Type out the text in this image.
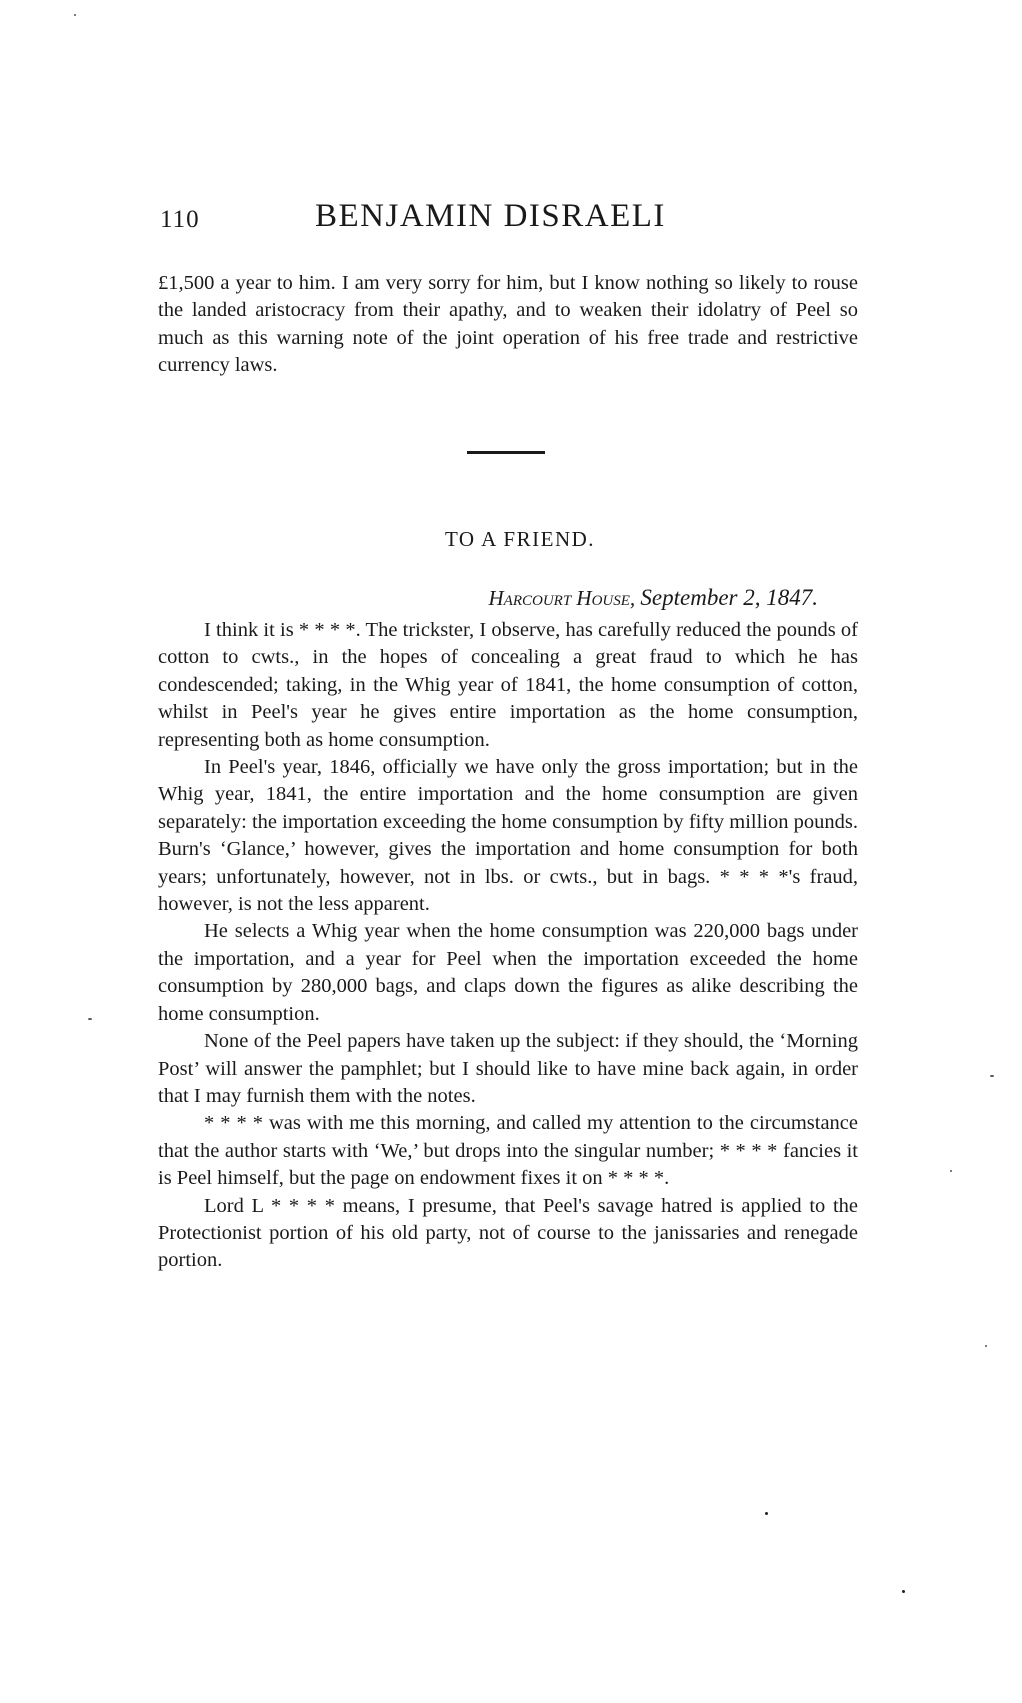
110	BENJAMIN DISRAELI

£1,500 a year to him. I am very sorry for him, but I know nothing so likely to rouse the landed aristocracy from their apathy, and to weaken their idolatry of Peel so much as this warning note of the joint operation of his free trade and restrictive currency laws.

TO A FRIEND.
Harcourt House, September 2, 1847.

I think it is * * * *. The trickster, I observe, has carefully reduced the pounds of cotton to cwts., in the hopes of concealing a great fraud to which he has condescended; taking, in the Whig year of 1841, the home consumption of cotton, whilst in Peel's year he gives entire importation as the home consumption, representing both as home consumption.

In Peel's year, 1846, officially we have only the gross importation; but in the Whig year, 1841, the entire importation and the home consumption are given separately: the importation exceeding the home consumption by fifty million pounds. Burn's ‘Glance,’ however, gives the importation and home consumption for both years; unfortunately, however, not in lbs. or cwts., but in bags. * * * *'s fraud, however, is not the less apparent.

He selects a Whig year when the home consumption was 220,000 bags under the importation, and a year for Peel when the importation exceeded the home consumption by 280,000 bags, and claps down the figures as alike describing the home consumption.

None of the Peel papers have taken up the subject: if they should, the ‘Morning Post’ will answer the pamphlet; but I should like to have mine back again, in order that I may furnish them with the notes.

* * * * was with me this morning, and called my attention to the circumstance that the author starts with ‘We,’ but drops into the singular number; * * * * fancies it is Peel himself, but the page on endowment fixes it on * * * *.

Lord L * * * * means, I presume, that Peel's savage hatred is applied to the Protectionist portion of his old party, not of course to the janissaries and renegade portion.
